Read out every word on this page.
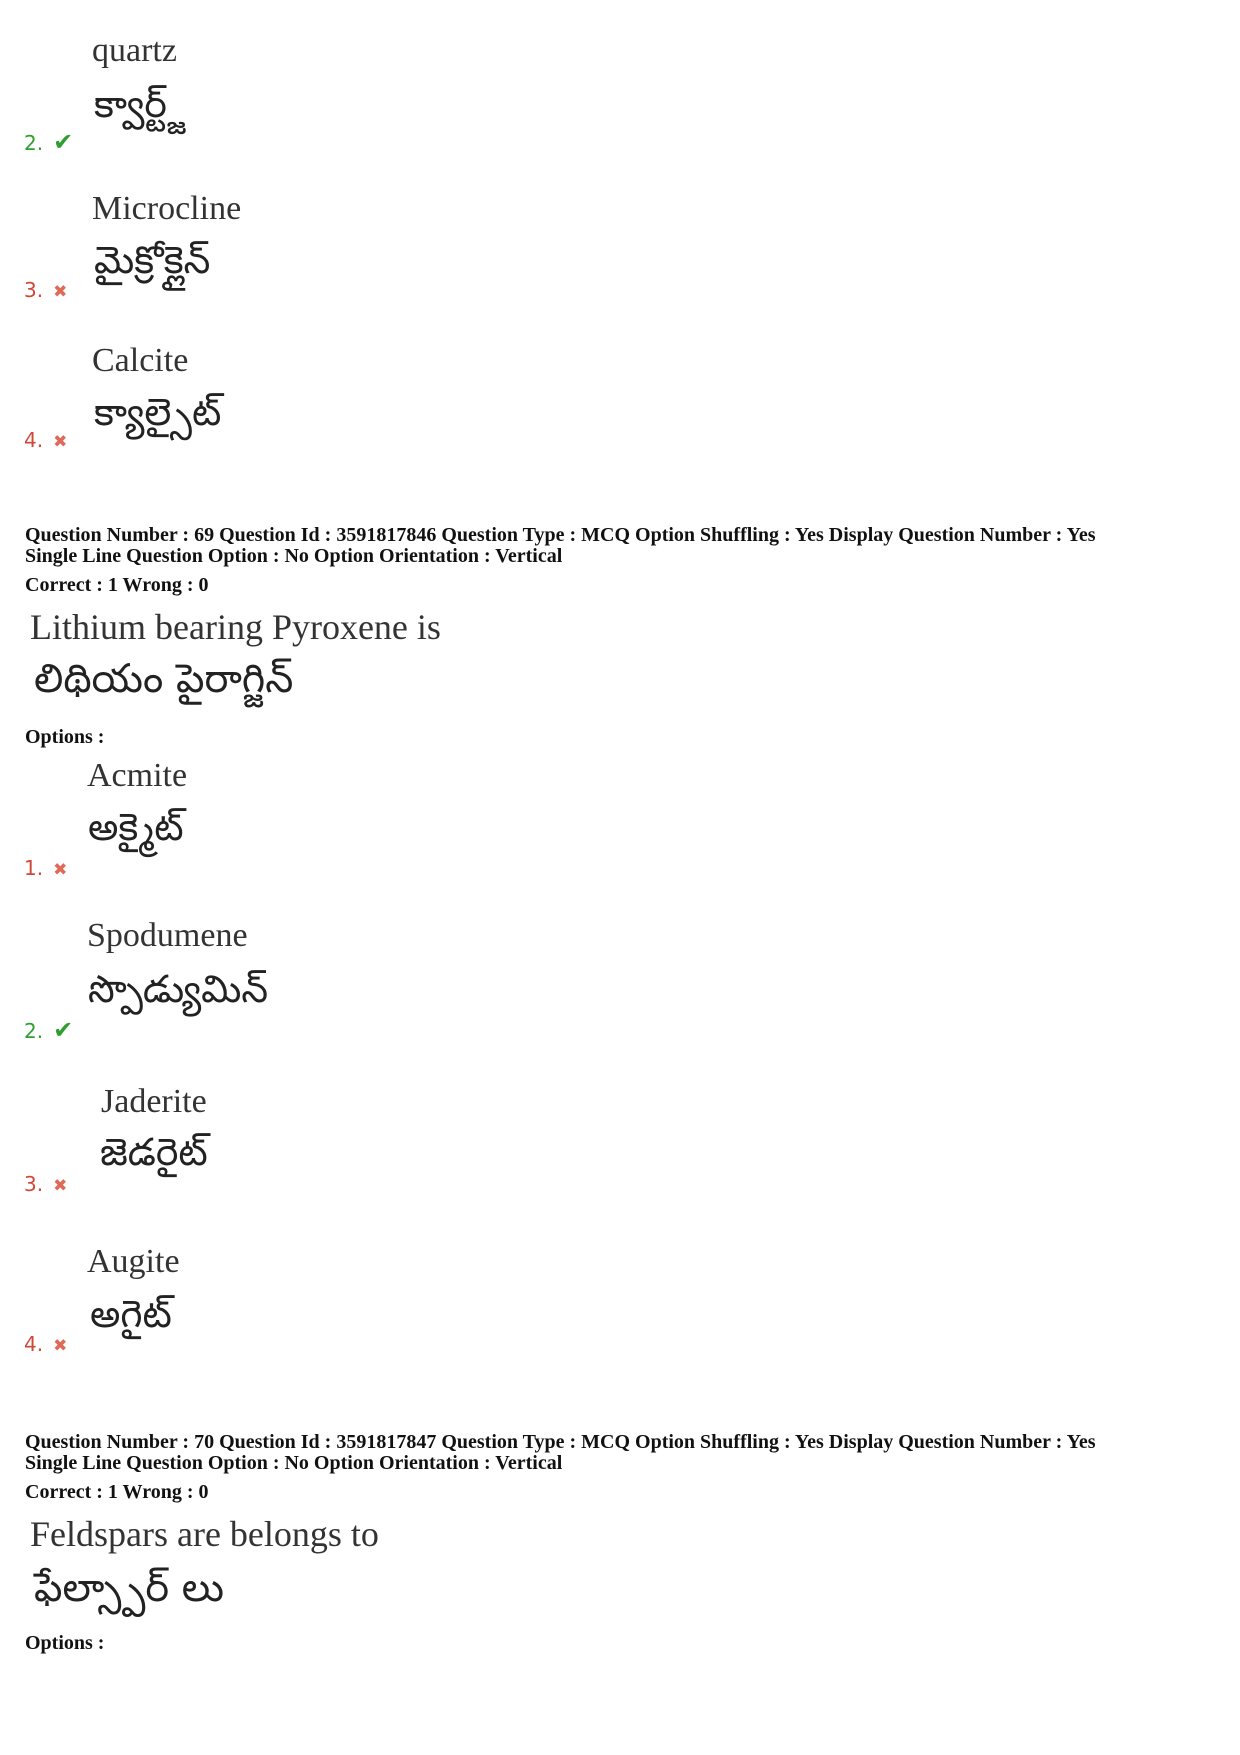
quartz
క్వార్ట్జ్
2. ✔
Microcline
మైక్రోక్లైన్
3. ✖
Calcite
క్యాల్సైట్
4. ✖
Question Number : 69 Question Id : 3591817846 Question Type : MCQ Option Shuffling : Yes Display Question Number : Yes
Single Line Question Option : No Option Orientation : Vertical
Correct : 1 Wrong : 0
Lithium bearing Pyroxene is
లిథియం పైరాగ్జిన్
Options :
Acmite
అక్మైట్
1. ✖
Spodumene
స్పొడ్యుమిన్
2. ✔
Jaderite
జెడరైట్
3. ✖
Augite
అగైట్
4. ✖
Question Number : 70 Question Id : 3591817847 Question Type : MCQ Option Shuffling : Yes Display Question Number : Yes
Single Line Question Option : No Option Orientation : Vertical
Correct : 1 Wrong : 0
Feldspars are belongs to
ఫేల్స్పార్ లు
Options :
